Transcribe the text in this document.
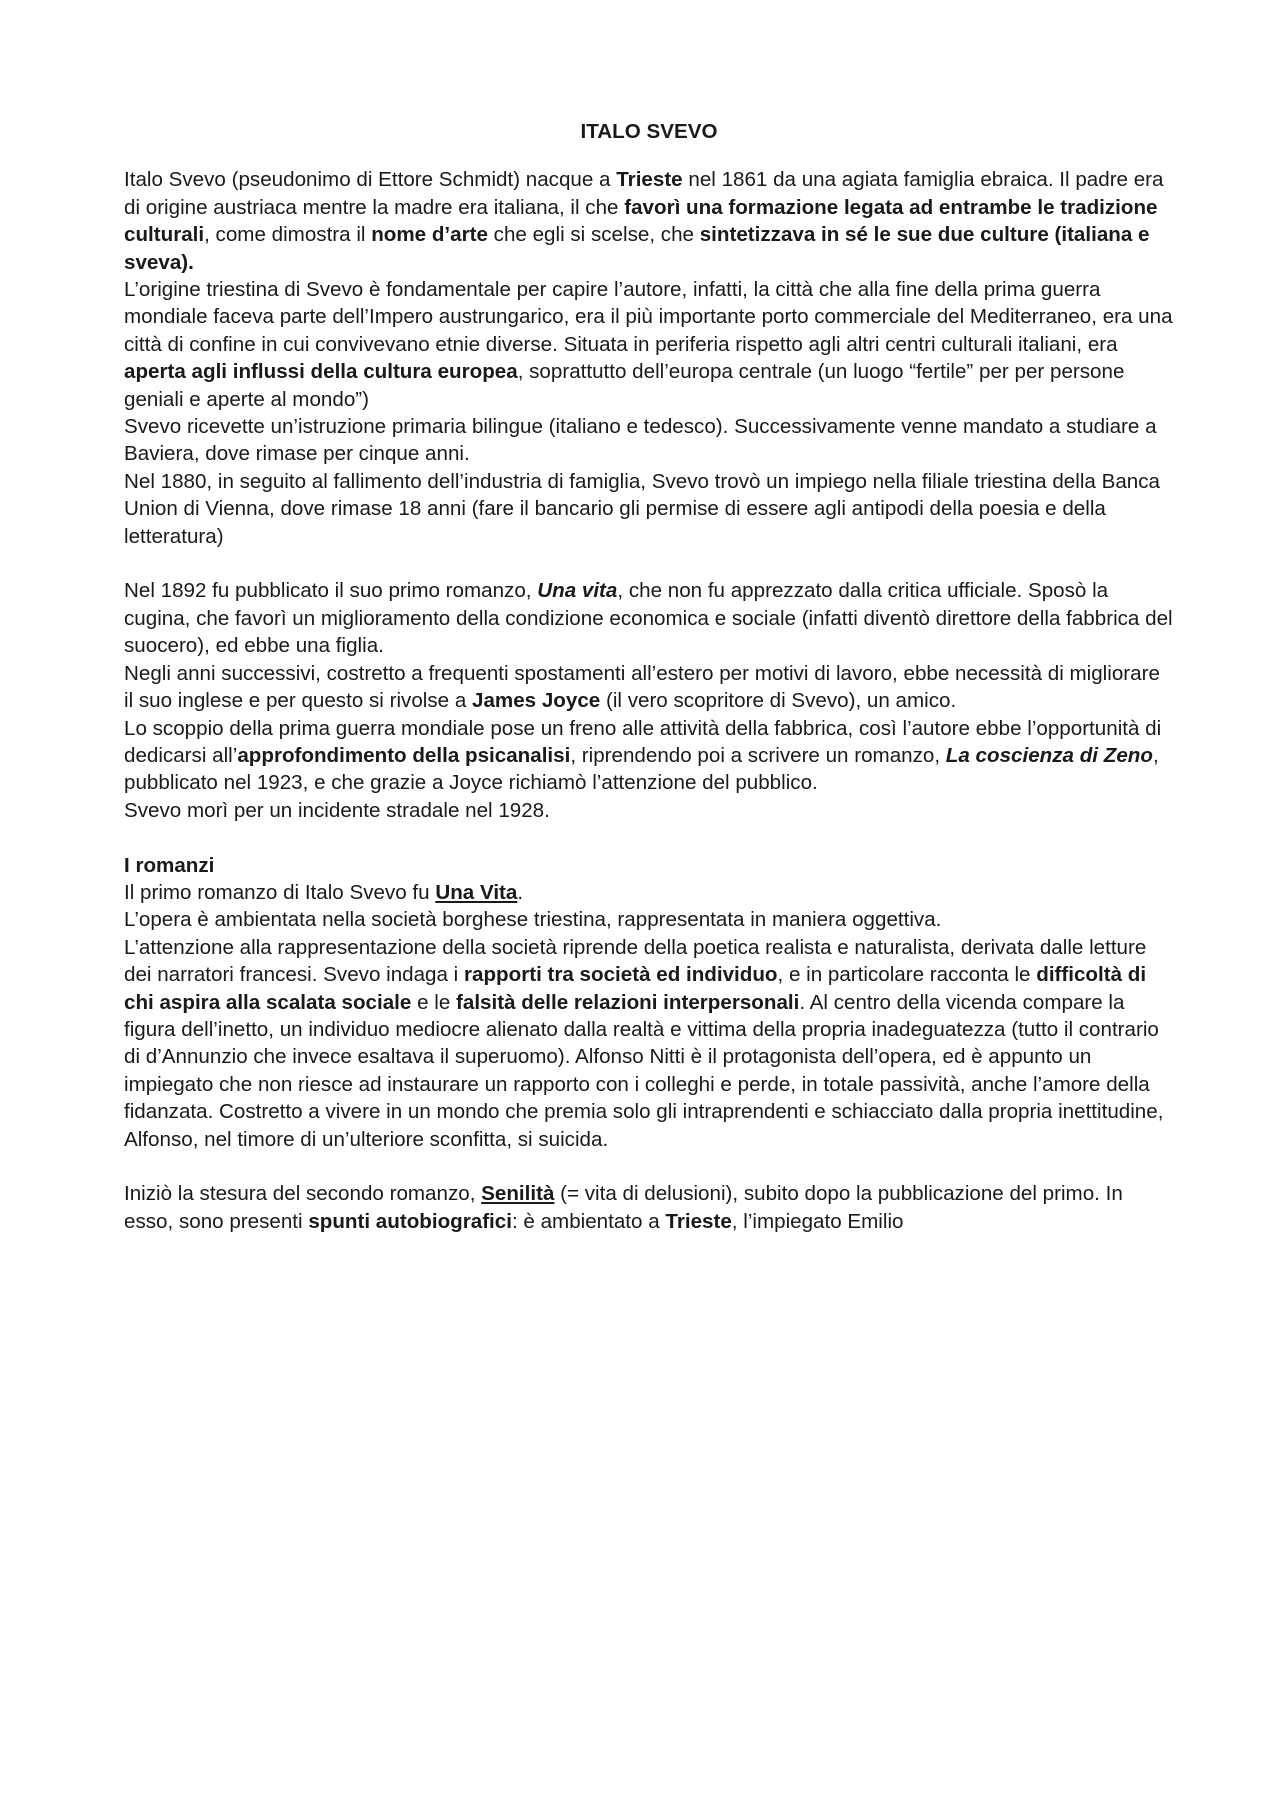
ITALO SVEVO
Italo Svevo (pseudonimo di Ettore Schmidt) nacque a Trieste nel 1861 da una agiata famiglia ebraica. Il padre era di origine austriaca mentre la madre era italiana, il che favorì una formazione legata ad entrambe le tradizione culturali, come dimostra il nome d’arte che egli si scelse, che sintetizzava in sé le sue due culture (italiana e sveva).
L’origine triestina di Svevo è fondamentale per capire l’autore, infatti, la città che alla fine della prima guerra mondiale faceva parte dell’Impero austrungarico, era il più importante porto commerciale del Mediterraneo, era una città di confine in cui convivevano etnie diverse. Situata in periferia rispetto agli altri centri culturali italiani, era aperta agli influssi della cultura europea, soprattutto dell’europa centrale (un luogo “fertile” per per persone geniali e aperte al mondo”)
Svevo ricevette un’istruzione primaria bilingue (italiano e tedesco). Successivamente venne mandato a studiare a Baviera, dove rimase per cinque anni.
Nel 1880, in seguito al fallimento dell’industria di famiglia, Svevo trovò un impiego nella filiale triestina della Banca Union di Vienna, dove rimase 18 anni (fare il bancario gli permise di essere agli antipodi della poesia e della letteratura)
Nel 1892 fu pubblicato il suo primo romanzo, Una vita, che non fu apprezzato dalla critica ufficiale. Sposò la cugina, che favorì un miglioramento della condizione economica e sociale (infatti diventò direttore della fabbrica del suocero), ed ebbe una figlia.
Negli anni successivi, costretto a frequenti spostamenti all’estero per motivi di lavoro, ebbe necessità di migliorare il suo inglese e per questo si rivolse a James Joyce (il vero scopritore di Svevo), un amico.
Lo scoppio della prima guerra mondiale pose un freno alle attività della fabbrica, così l’autore ebbe l’opportunità di dedicarsi all’approfondimento della psicanalisi, riprendendo poi a scrivere un romanzo, La coscienza di Zeno, pubblicato nel 1923, e che grazie a Joyce richiamò l’attenzione del pubblico.
Svevo morì per un incidente stradale nel 1928.
I romanzi
Il primo romanzo di Italo Svevo fu Una Vita.
L’opera è ambientata nella società borghese triestina, rappresentata in maniera oggettiva.
L’attenzione alla rappresentazione della società riprende della poetica realista e naturalista, derivata dalle letture dei narratori francesi. Svevo indaga i rapporti tra società ed individuo, e in particolare racconta le difficoltà di chi aspira alla scalata sociale e le falsità delle relazioni interpersonali. Al centro della vicenda compare la figura dell’inetto, un individuo mediocre alienato dalla realtà e vittima della propria inadeguatezza (tutto il contrario di d’Annunzio che invece esaltava il superuomo). Alfonso Nitti è il protagonista dell’opera, ed è appunto un impiegato che non riesce ad instaurare un rapporto con i colleghi e perde, in totale passività, anche l’amore della fidanzata. Costretto a vivere in un mondo che premia solo gli intraprendenti e schiacciato dalla propria inettitudine, Alfonso, nel timore di un’ulteriore sconfitta, si suicida.
Iniziò la stesura del secondo romanzo, Senilità (= vita di delusioni), subito dopo la pubblicazione del primo. In esso, sono presenti spunti autobiografici: è ambientato a Trieste, l’impiegato Emilio
